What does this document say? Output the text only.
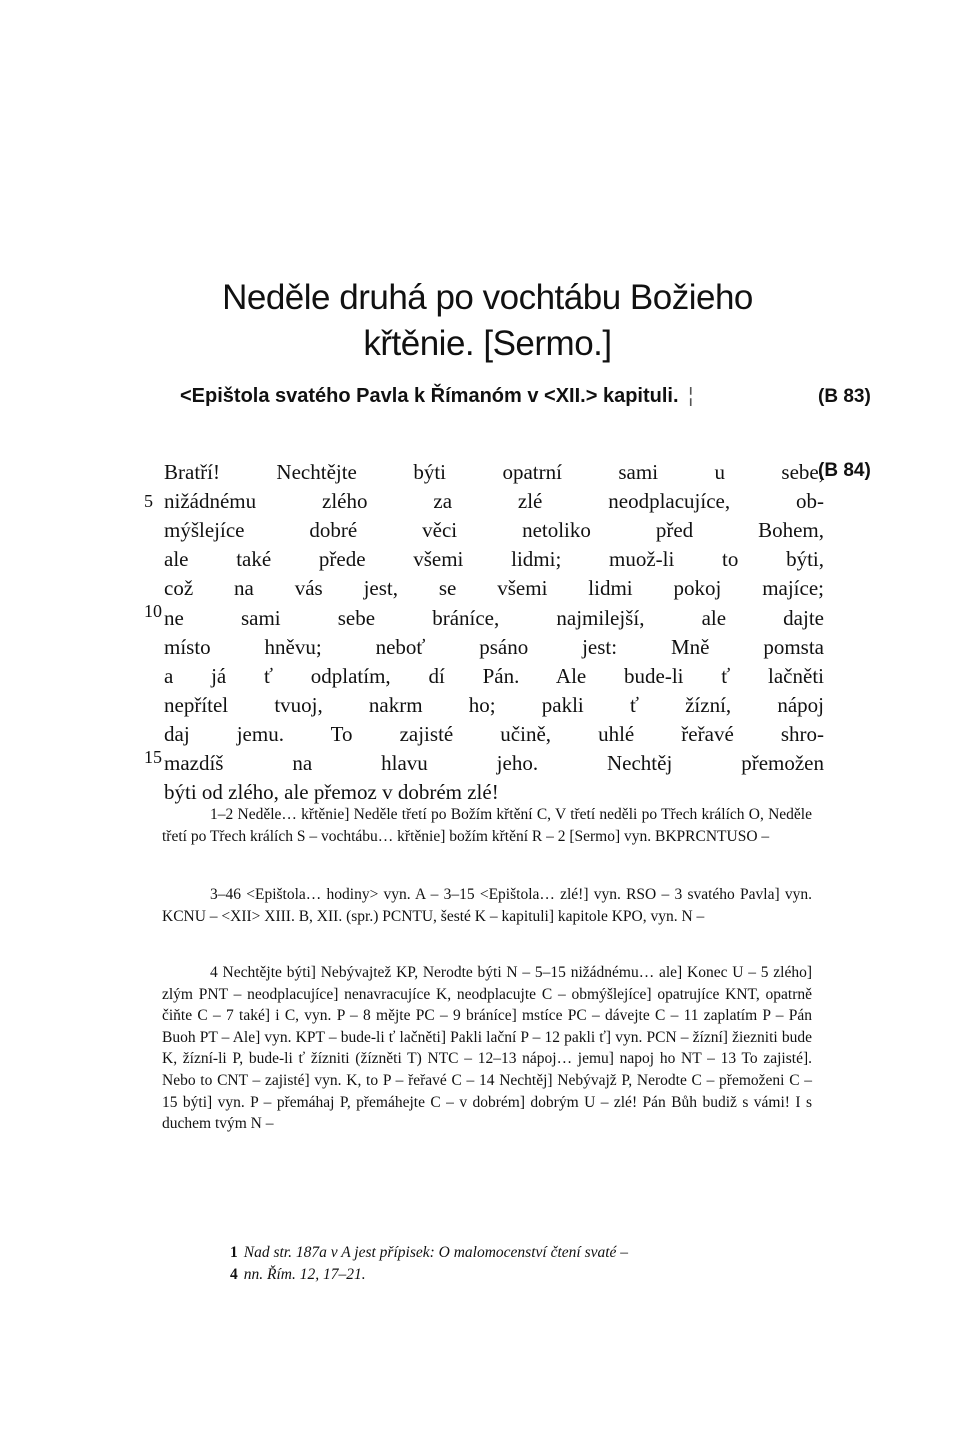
Neděle druhá po vochtábu Božieho
křtěnie. [Sermo.]
<Epištola svatého Pavla k Římanóm v <XII.> kapituli. ¦	(B 83)
(B 84)
5
10
15
Bratří! Nechtějte býti opatrní sami u sebe,
nižádnému zlého za zlé neodplacujíce, ob-
mýšlejíce dobré věci netoliko před Bohem,
ale také přede všemi lidmi; muož-li to býti,
což na vás jest, se všemi lidmi pokoj majíce;
ne sami sebe bráníce, najmilejší, ale dajte
místo hněvu; neboť psáno jest: Mně pomsta
a já ť odplatím, dí Pán. Ale bude-li ť lačněti
nepřítel tvuoj, nakrm ho; pakli ť žízní, nápoj
daj jemu. To zajisté učině, uhlé řeřavé shro-
mazdíš na hlavu jeho. Nechtěj přemožen
býti od zlého, ale přemoz v dobrém zlé!

1–2 Neděle… křtěnie] Neděle třetí po Božím křtění C, V třetí neděli po Třech králích O, Neděle třetí po Třech králích S – vochtábu… křtěnie] božím křtění R – 2 [Sermo] vyn. BKPRCNTUSO –

3–46 <Epištola… hodiny> vyn. A – 3–15 <Epištola… zlé!] vyn. RSO – 3 svatého Pavla] vyn. KCNU – <XII> XIII. B, XII. (spr.) PCNTU, šesté K – kapituli] kapitole KPO, vyn. N –

4 Nechtějte býti] Nebývajtež KP, Nerodte býti N – 5–15 nižádnému… ale] Konec U – 5 zlého] zlým PNT – neodplacujíce] nenavracujíce K, neodplacujte C – obmýšlejíce] opatrujíce KNT, opatrně čiňte C – 7 také] i C, vyn. P – 8 mějte PC – 9 bráníce] mstíce PC – dávejte C – 11 zaplatím P – Pán Buoh PT – Ale] vyn. KPT – bude-li ť lačněti] Pakli lační P – 12 pakli ť] vyn. PCN – žízní] žiezniti bude K, žízní-li P, bude-li ť žízniti (žízněti T) NTC – 12–13 nápoj… jemu] napoj ho NT – 13 To zajisté]. Nebo to CNT – zajisté] vyn. K, to P – řeřavé C – 14 Nechtěj] Nebývajž P, Nerodte C – přemoženi C – 15 býti] vyn. P – přemáhaj P, přemáhejte C – v dobrém] dobrým U – zlé! Pán Bůh budiž s vámi! I s duchem tvým N –

1 Nad str. 187a v A jest přípisek: O malomocenství čtení svaté –
4 nn. Řím. 12, 17–21.
